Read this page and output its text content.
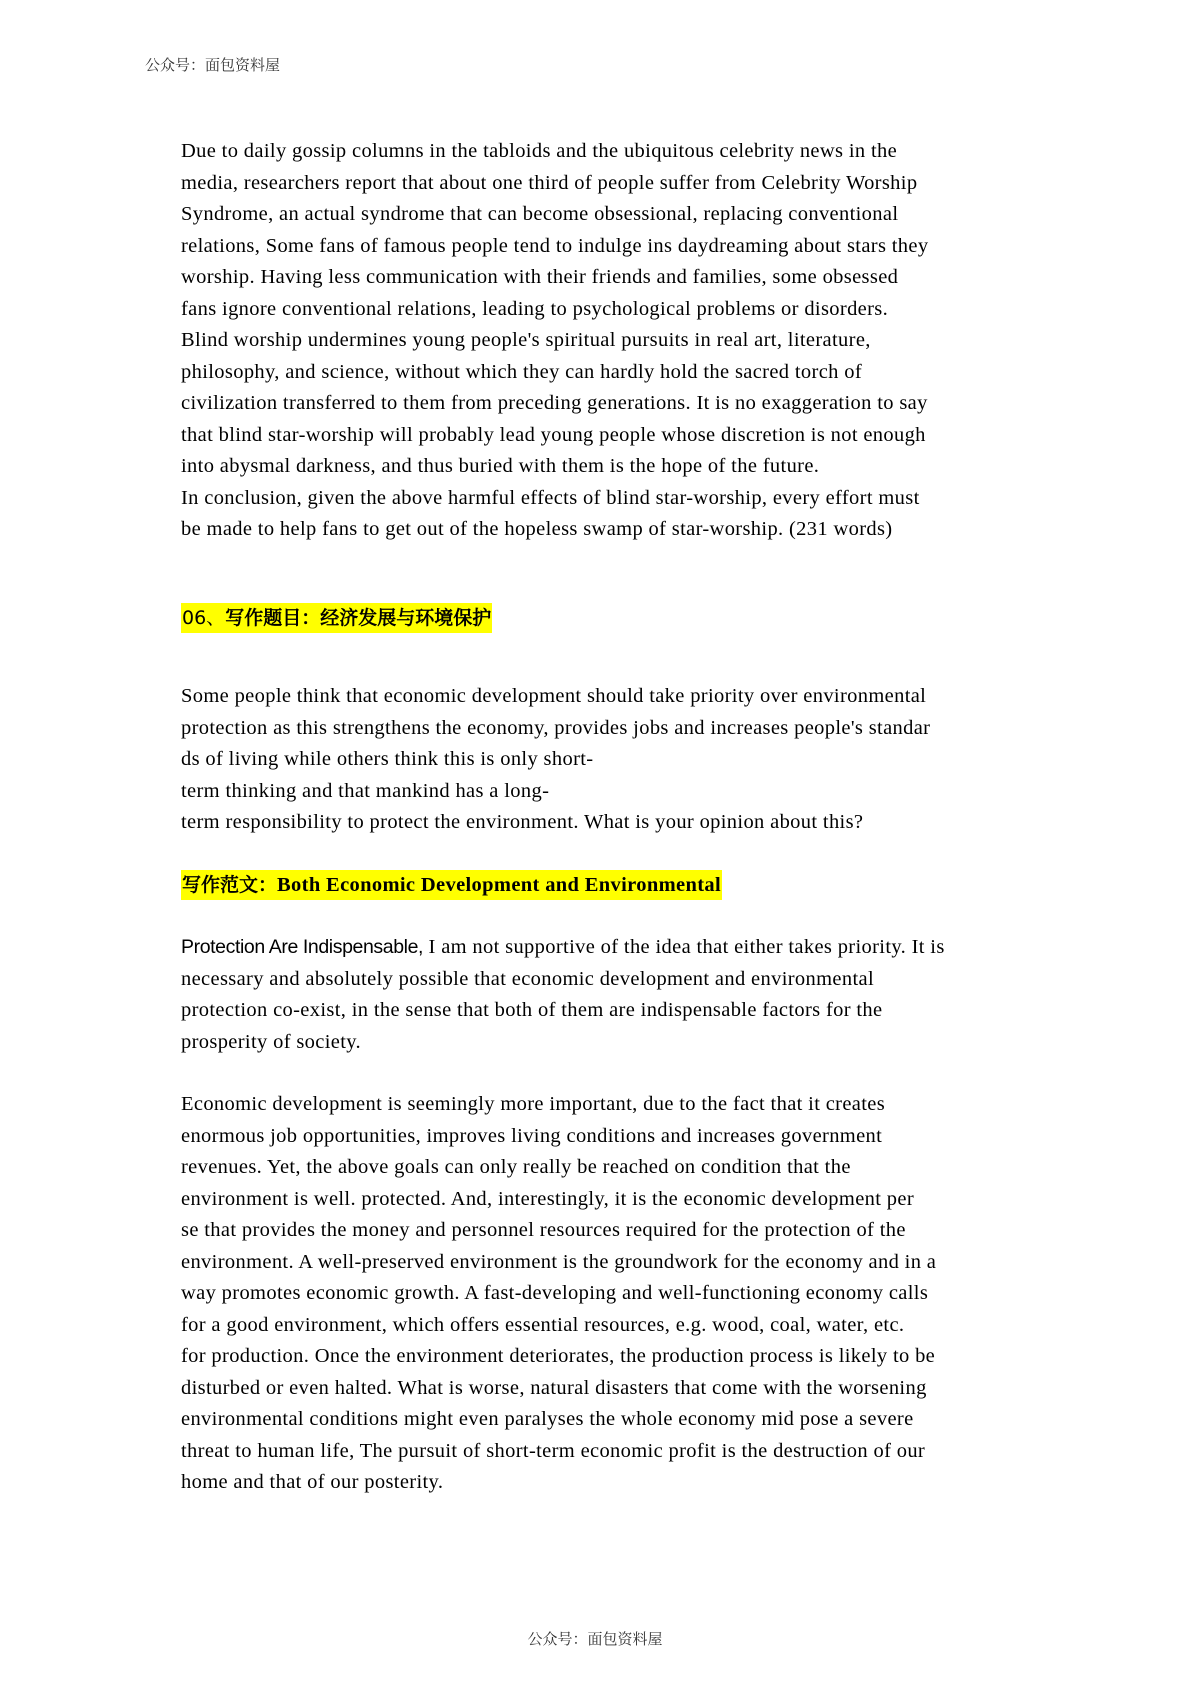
公众号：面包资料屋

Due to daily gossip columns in the tabloids and the ubiquitous celebrity news in the

media, researchers report that about one third of people suffer from Celebrity Worship

Syndrome, an actual syndrome that can become obsessional, replacing conventional

relations, Some fans of famous people tend to indulge ins daydreaming about stars they

worship. Having less communication with their friends and families, some obsessed

fans ignore conventional relations, leading to psychological problems or disorders.

Blind worship undermines young people's spiritual pursuits in real art, literature,

philosophy, and science, without which they can hardly hold the sacred torch of

civilization transferred to them from preceding generations. It is no exaggeration to say

that blind star-worship will probably lead young people whose discretion is not enough

into abysmal darkness, and thus buried with them is the hope of the future.

In conclusion, given the above harmful effects of blind star-worship, every effort must

be made to help fans to get out of the hopeless swamp of star-worship. (231 words)

06、写作题目：经济发展与环境保护

Some people think that economic development should take priority over environmental

protection as this strengthens the economy, provides jobs and increases people's standar

ds of living while others think this is only short-

term thinking and that mankind has a long-

term responsibility to protect the environment. What is your opinion about this?

写作范文：Both Economic Development and Environmental

Protection Are Indispensable, I am not supportive of the idea that either takes priority. It is

necessary and absolutely possible that economic development and environmental

protection co-exist, in the sense that both of them are indispensable factors for the

prosperity of society.

Economic development is seemingly more important, due to the fact that it creates

enormous job opportunities, improves living conditions and increases government

revenues. Yet, the above goals can only really be reached on condition that the

environment is well. protected. And, interestingly, it is the economic development per

se that provides the money and personnel resources required for the protection of the

environment. A well-preserved environment is the groundwork for the economy and in a

way promotes economic growth. A fast-developing and well-functioning economy calls

for a good environment, which offers essential resources, e.g. wood, coal, water, etc.

for production. Once the environment deteriorates, the production process is likely to be

disturbed or even halted. What is worse, natural disasters that come with the worsening

environmental conditions might even paralyses the whole economy mid pose a severe

threat to human life, The pursuit of short-term economic profit is the destruction of our

home and that of our posterity.

公众号：面包资料屋
